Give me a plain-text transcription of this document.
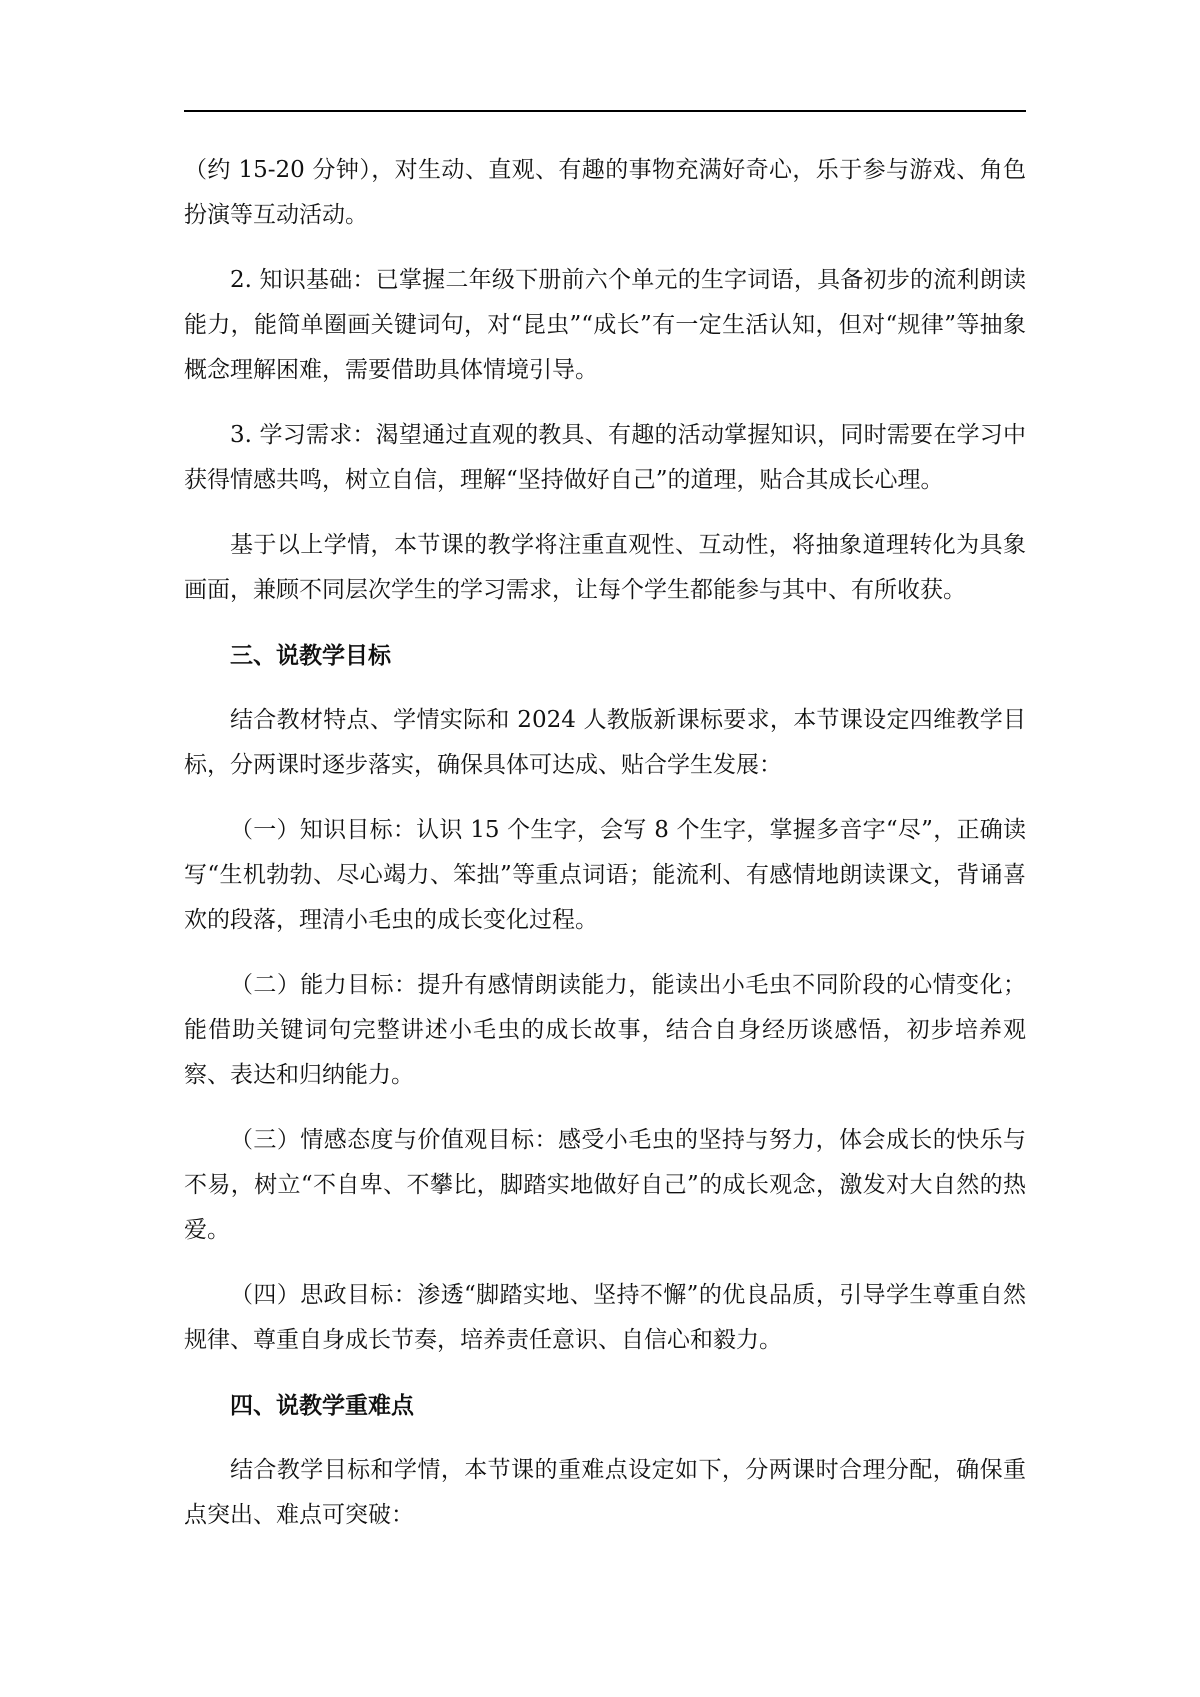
（约 15-20 分钟），对生动、直观、有趣的事物充满好奇心，乐于参与游戏、角色扮演等互动活动。

2. 知识基础：已掌握二年级下册前六个单元的生字词语，具备初步的流利朗读能力，能简单圈画关键词句，对“昆虫”“成长”有一定生活认知，但对“规律”等抽象概念理解困难，需要借助具体情境引导。

3. 学习需求：渴望通过直观的教具、有趣的活动掌握知识，同时需要在学习中获得情感共鸣，树立自信，理解“坚持做好自己”的道理，贴合其成长心理。

基于以上学情，本节课的教学将注重直观性、互动性，将抽象道理转化为具象画面，兼顾不同层次学生的学习需求，让每个学生都能参与其中、有所收获。

三、说教学目标

结合教材特点、学情实际和 2024 人教版新课标要求，本节课设定四维教学目标，分两课时逐步落实，确保具体可达成、贴合学生发展：

（一）知识目标：认识 15 个生字，会写 8 个生字，掌握多音字“尽”，正确读写“生机勃勃、尽心竭力、笨拙”等重点词语；能流利、有感情地朗读课文，背诵喜欢的段落，理清小毛虫的成长变化过程。

（二）能力目标：提升有感情朗读能力，能读出小毛虫不同阶段的心情变化；能借助关键词句完整讲述小毛虫的成长故事，结合自身经历谈感悟，初步培养观察、表达和归纳能力。

（三）情感态度与价值观目标：感受小毛虫的坚持与努力，体会成长的快乐与不易，树立“不自卑、不攀比，脚踏实地做好自己”的成长观念，激发对大自然的热爱。

（四）思政目标：渗透“脚踏实地、坚持不懈”的优良品质，引导学生尊重自然规律、尊重自身成长节奏，培养责任意识、自信心和毅力。

四、说教学重难点

结合教学目标和学情，本节课的重难点设定如下，分两课时合理分配，确保重点突出、难点可突破：
